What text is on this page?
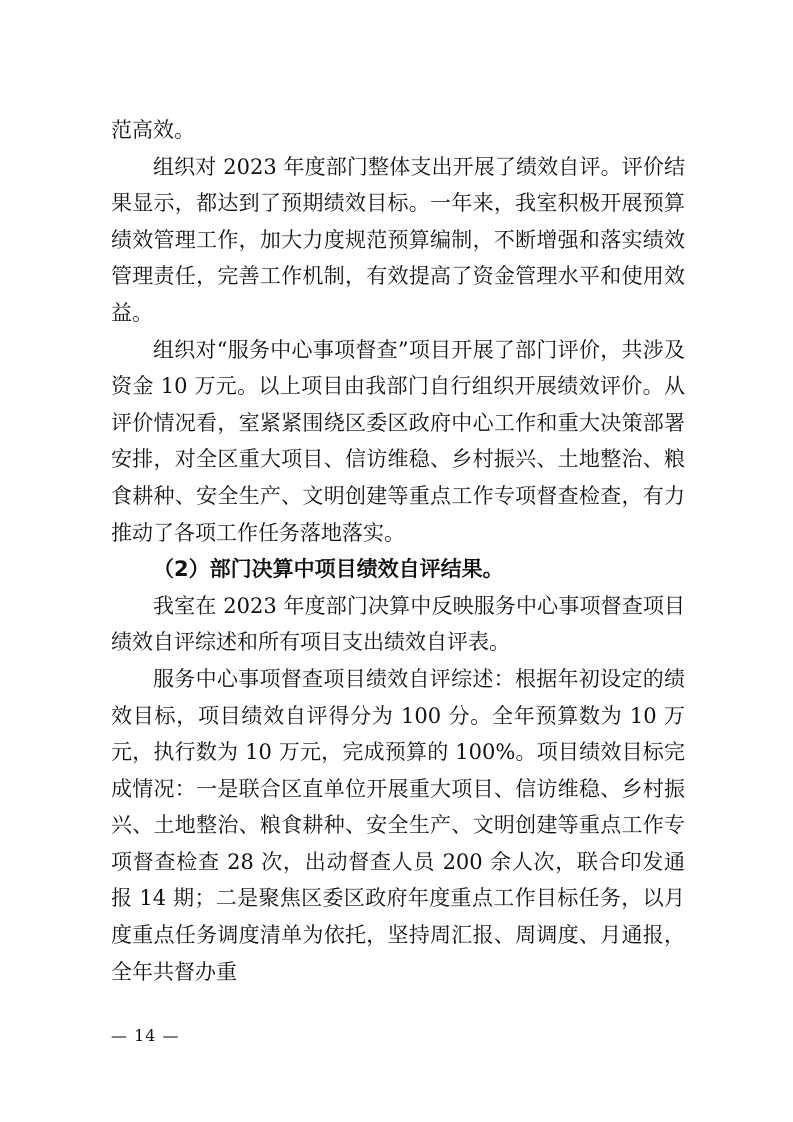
范高效。

组织对 2023 年度部门整体支出开展了绩效自评。评价结果显示，都达到了预期绩效目标。一年来，我室积极开展预算绩效管理工作，加大力度规范预算编制，不断增强和落实绩效管理责任，完善工作机制，有效提高了资金管理水平和使用效益。

组织对“服务中心事项督查”项目开展了部门评价，共涉及资金 10 万元。以上项目由我部门自行组织开展绩效评价。从评价情况看，室紧紧围绕区委区政府中心工作和重大决策部署安排，对全区重大项目、信访维稳、乡村振兴、土地整治、粮食耕种、安全生产、文明创建等重点工作专项督查检查，有力推动了各项工作任务落地落实。

（2）部门决算中项目绩效自评结果。

我室在 2023 年度部门决算中反映服务中心事项督查项目绩效自评综述和所有项目支出绩效自评表。

服务中心事项督查项目绩效自评综述：根据年初设定的绩效目标，项目绩效自评得分为 100 分。全年预算数为 10 万元，执行数为 10 万元，完成预算的 100%。项目绩效目标完成情况：一是联合区直单位开展重大项目、信访维稳、乡村振兴、土地整治、粮食耕种、安全生产、文明创建等重点工作专项督查检查 28 次，出动督查人员 200 余人次，联合印发通报 14 期；二是聚焦区委区政府年度重点工作目标任务，以月度重点任务调度清单为依托，坚持周汇报、周调度、月通报，全年共督办重

— 14 —
